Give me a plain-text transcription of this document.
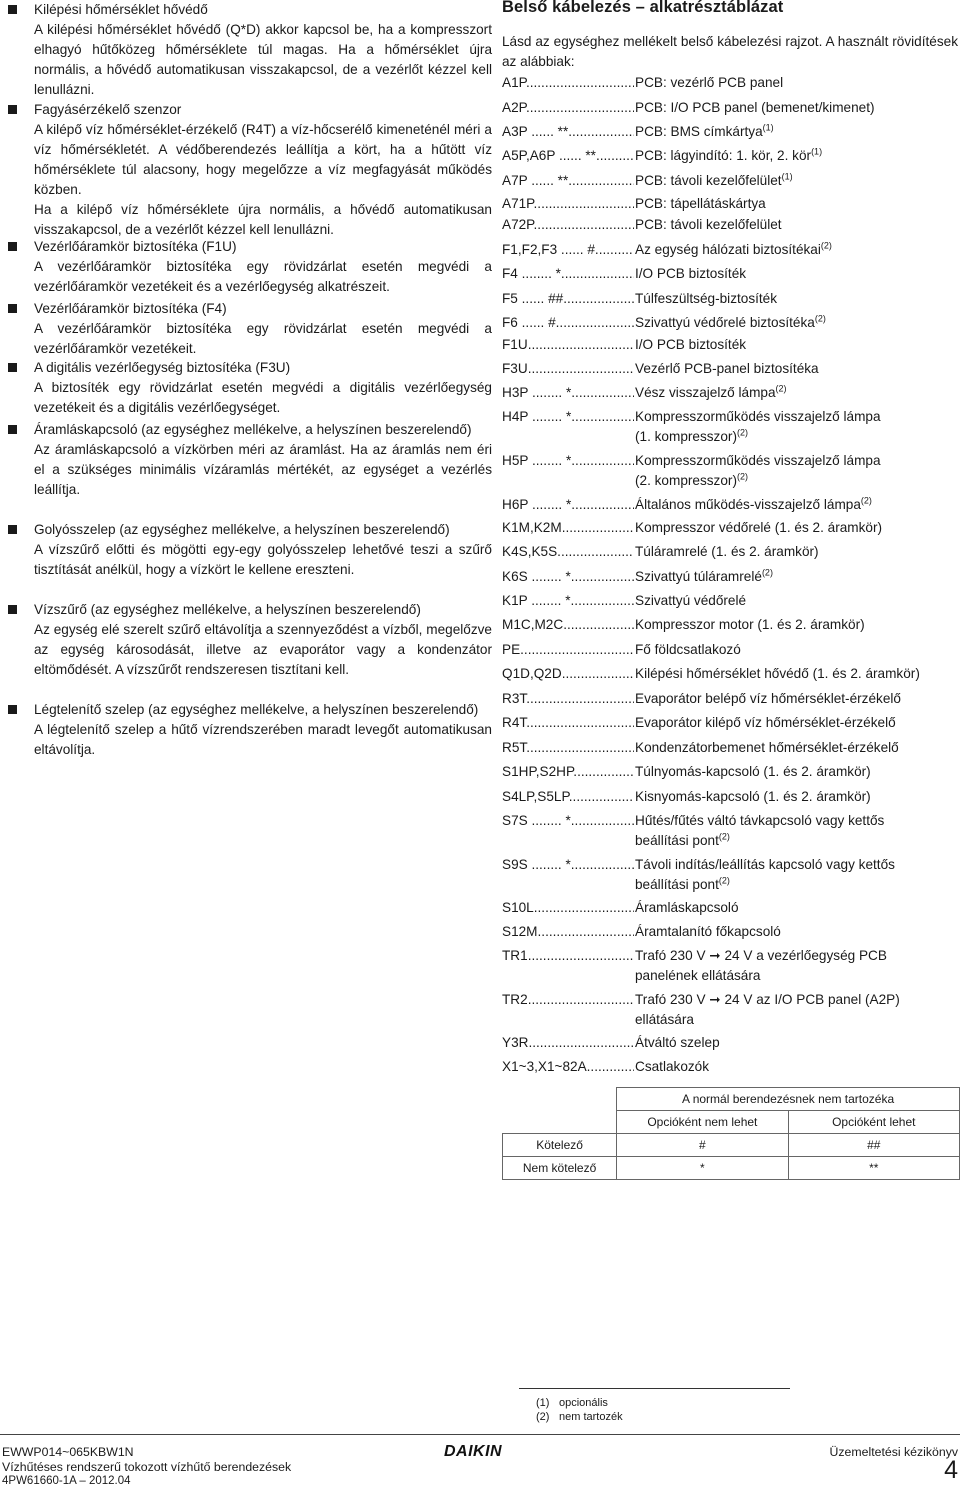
Kilépési hőmérséklet hővédő

A kilépési hőmérséklet hővédő (Q*D) akkor kapcsol be, ha a kompresszort elhagyó hűtőközeg hőmérséklete túl magas. Ha a hőmérséklet újra normális, a hővédő automatikusan visszakapcsol, de a vezérlőt kézzel kell lenullázni.

Fagyásérzékelő szenzor

A kilépő víz hőmérséklet-érzékelő (R4T) a víz-hőcserélő kimeneténél méri a víz hőmérsékletét. A védőberendezés leállítja a kört, ha a hűtött víz hőmérséklete túl alacsony, hogy megelőzze a víz megfagyását működés közben.

Ha a kilépő víz hőmérséklete újra normális, a hővédő automatikusan visszakapcsol, de a vezérlőt kézzel kell lenullázni.

Vezérlőáramkör biztosítéka (F1U)

A vezérlőáramkör biztosítéka egy rövidzárlat esetén megvédi a vezérlőáramkör vezetékeit és a vezérlőegység alkatrészeit.

Vezérlőáramkör biztosítéka (F4)

A vezérlőáramkör biztosítéka egy rövidzárlat esetén megvédi a vezérlőáramkör vezetékeit.

A digitális vezérlőegység biztosítéka (F3U)

A biztosíték egy rövidzárlat esetén megvédi a digitális vezérlőegység vezetékeit és a digitális vezérlőegységet.

Áramláskapcsoló (az egységhez mellékelve, a helyszínen beszerelendő)

Az áramláskapcsoló a vízkörben méri az áramlást. Ha az áramlás nem éri el a szükséges minimális vízáramlás mértékét, az egységet a vezérlés leállítja.

Golyósszelep (az egységhez mellékelve, a helyszínen beszerelendő)

A vízszűrő előtti és mögötti egy-egy golyósszelep lehetővé teszi a szűrő tisztítását anélkül, hogy a vízkört le kellene ereszteni.

Vízszűrő (az egységhez mellékelve, a helyszínen beszerelendő)

Az egység elé szerelt szűrő eltávolítja a szennyeződést a vízből, megelőzve az egység károsodását, illetve az evaporátor vagy a kondenzátor eltömődését. A vízszűrőt rendszeresen tisztítani kell.

Légtelenítő szelep (az egységhez mellékelve, a helyszínen beszerelendő)

A légtelenítő szelep a hűtő vízrendszerében maradt levegőt automatikusan eltávolítja.

Belső kábelezés – alkatrésztáblázat
Lásd az egységhez mellékelt belső kábelezési rajzot. A használt rövidítések az alábbiak:
A1P .....	PCB: vezérlő PCB panel
A2P .....	PCB: I/O PCB panel (bemenet/kimenet)
A3P ...... ** .....	PCB: BMS címkártya$^{(1)}$
A5P,A6P ...... ** .....	PCB: lágyindító: 1. kör, 2. kör$^{(1)}$
A7P ...... ** .....	PCB: távoli kezelőfelület$^{(1)}$
A71P .....	PCB: tápellátáskártya
A72P .....	PCB: távoli kezelőfelület
F1,F2,F3 ...... # .....	Az egység hálózati biztosítékai$^{(2)}$
F4 ........ * .....	I/O PCB biztosíték
F5 ...... ## .....	Túlfeszültség-biztosíték
F6 ...... # .....	Szivattyú védőrelé biztosítéka$^{(2)}$
F1U .....	I/O PCB biztosíték
F3U .....	Vezérlő PCB-panel biztosítéka
H3P ........ * .....	Vész visszajelző lámpa$^{(2)}$
H4P ........ * .....	Kompresszorműködés visszajelző lámpa
(1. kompresszor)$^{(2)}$
H5P ........ * .....	Kompresszorműködés visszajelző lámpa
(2. kompresszor)$^{(2)}$
H6P ........ * .....	Általános működés-visszajelző lámpa$^{(2)}$
K1M,K2M .....	Kompresszor védőrelé (1. és 2. áramkör)
K4S,K5S .....	Túláramrelé (1. és 2. áramkör)
K6S ........ * .....	Szivattyú túláramrelé$^{(2)}$
K1P ........ * .....	Szivattyú védőrelé
M1C,M2C .....	Kompresszor motor (1. és 2. áramkör)
PE .....	Fő földcsatlakozó
Q1D,Q2D .....	Kilépési hőmérséklet hővédő (1. és 2. áramkör)
R3T .....	Evaporátor belépő víz hőmérséklet-érzékelő
R4T .....	Evaporátor kilépő víz hőmérséklet-érzékelő
R5T .....	Kondenzátorbemenet hőmérséklet-érzékelő
S1HP,S2HP .....	Túlnyomás-kapcsoló (1. és 2. áramkör)
S4LP,S5LP .....	Kisnyomás-kapcsoló (1. és 2. áramkör)
S7S ........ * .....	Hűtés/fűtés váltó távkapcsoló vagy kettős
beállítási pont$^{(2)}$
S9S ........ * .....	Távoli indítás/leállítás kapcsoló vagy kettős
beállítási pont$^{(2)}$
S10L .....	Áramláskapcsoló
S12M .....	Áramtalanító főkapcsoló
TR1 .....	Trafó 230 V ➞ 24 V a vezérlőegység PCB
panelének ellátására
TR2 .....	Trafó 230 V ➞ 24 V az I/O PCB panel (A2P)
ellátására
Y3R .....	Átváltó szelep
X1~3,X1~82A .....	Csatlakozók
	A normál berendezésnek nem tartozéka	
	Opcióként nem lehet	Opcióként lehet
Kötelező	#	##
Nem kötelező	*	**
(1) opcionális
(2) nem tartozék
EWWP014~065KBW1N
Vízhűtéses rendszerű tokozott vízhűtő berendezések
4PW61660-1A – 2012.04
DAIKIN	Üzemeltetési kézikönyv
4
